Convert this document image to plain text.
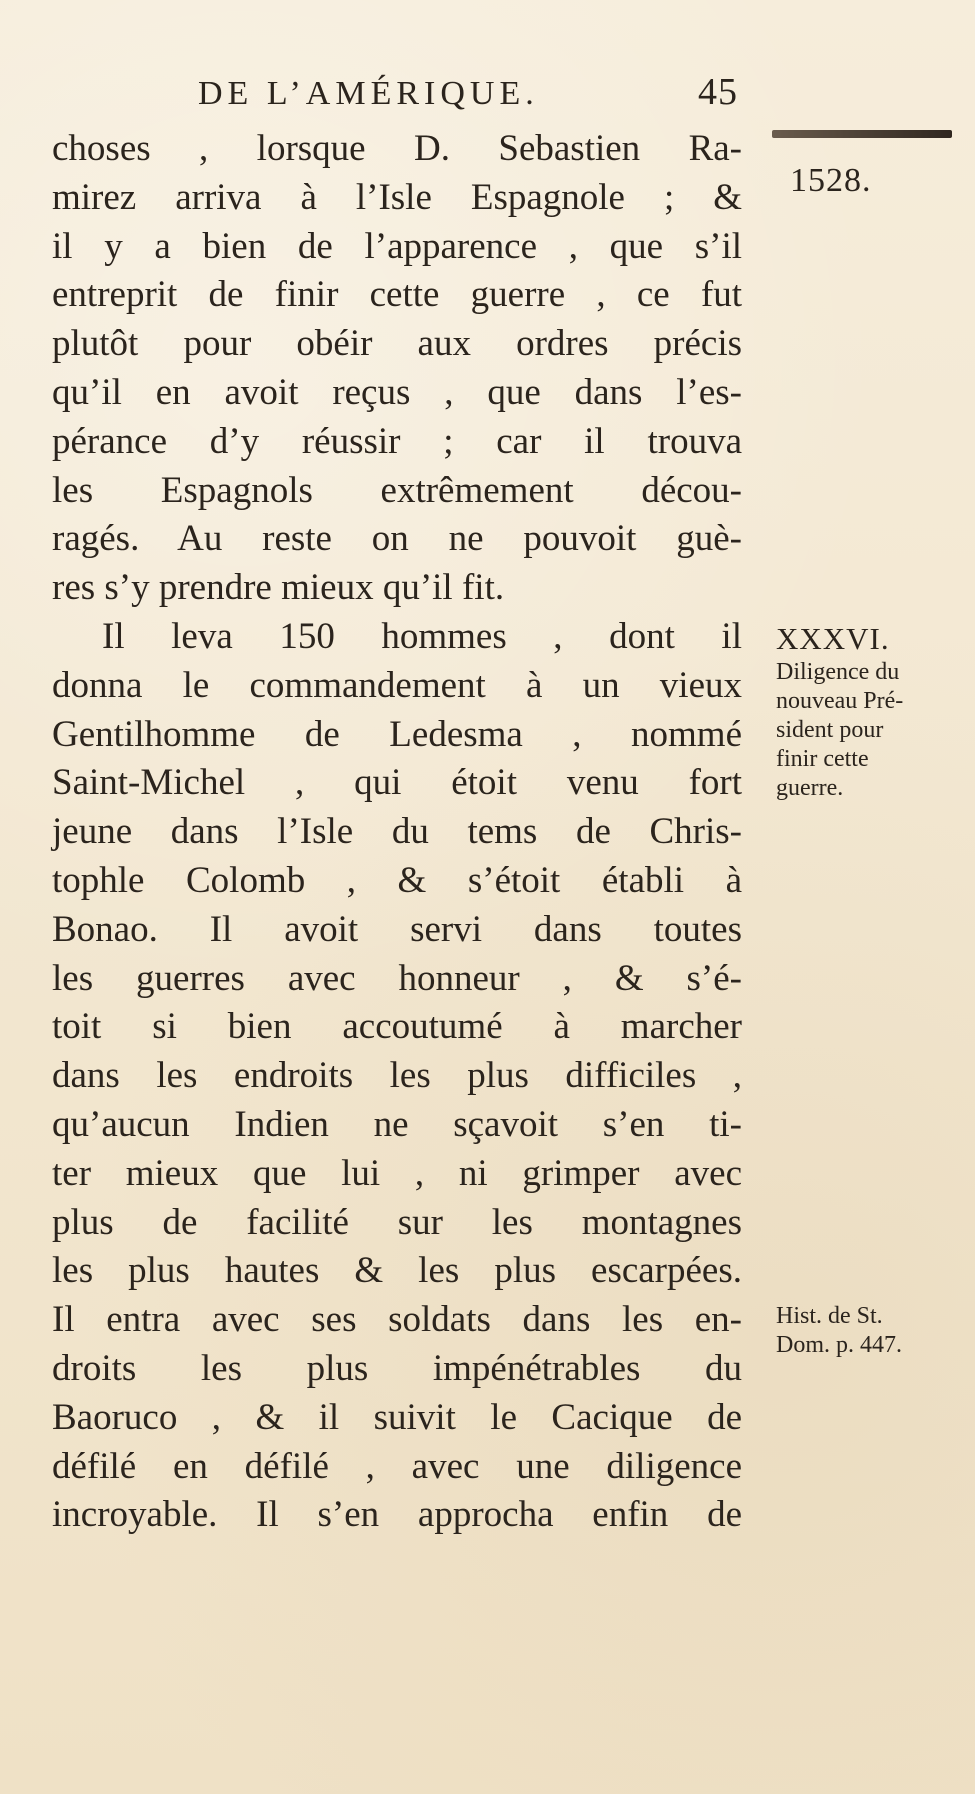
DE L’AMÉRIQUE.	45
1528.
choses , lorsque D. Sebastien Ra-
mirez arriva à l’Isle Espagnole ; &
il y a bien de l’apparence , que s’il
entreprit de finir cette guerre , ce fut
plutôt pour obéir aux ordres précis
qu’il en avoit reçus , que dans l’es-
pérance d’y réussir ; car il trouva
les Espagnols extrêmement décou-
ragés. Au reste on ne pouvoit guè-
res s’y prendre mieux qu’il fit.
Il leva 150 hommes , dont il
donna le commandement à un vieux
Gentilhomme de Ledesma , nommé
Saint-Michel , qui étoit venu fort
jeune dans l’Isle du tems de Chris-
tophle Colomb , & s’étoit établi à
Bonao. Il avoit servi dans toutes
les guerres avec honneur , & s’é-
toit si bien accoutumé à marcher
dans les endroits les plus difficiles ,
qu’aucun Indien ne sçavoit s’en ti-
ter mieux que lui , ni grimper avec
plus de facilité sur les montagnes
les plus hautes & les plus escarpées.
Il entra avec ses soldats dans les en-
droits les plus impénétrables du
Baoruco , & il suivit le Cacique de
défilé en défilé , avec une diligence
incroyable. Il s’en approcha enfin de
XXXVI.
Diligence du
nouveau Pré-
sident pour
finir cette
guerre.
Hist. de St.
Dom. p. 447.
